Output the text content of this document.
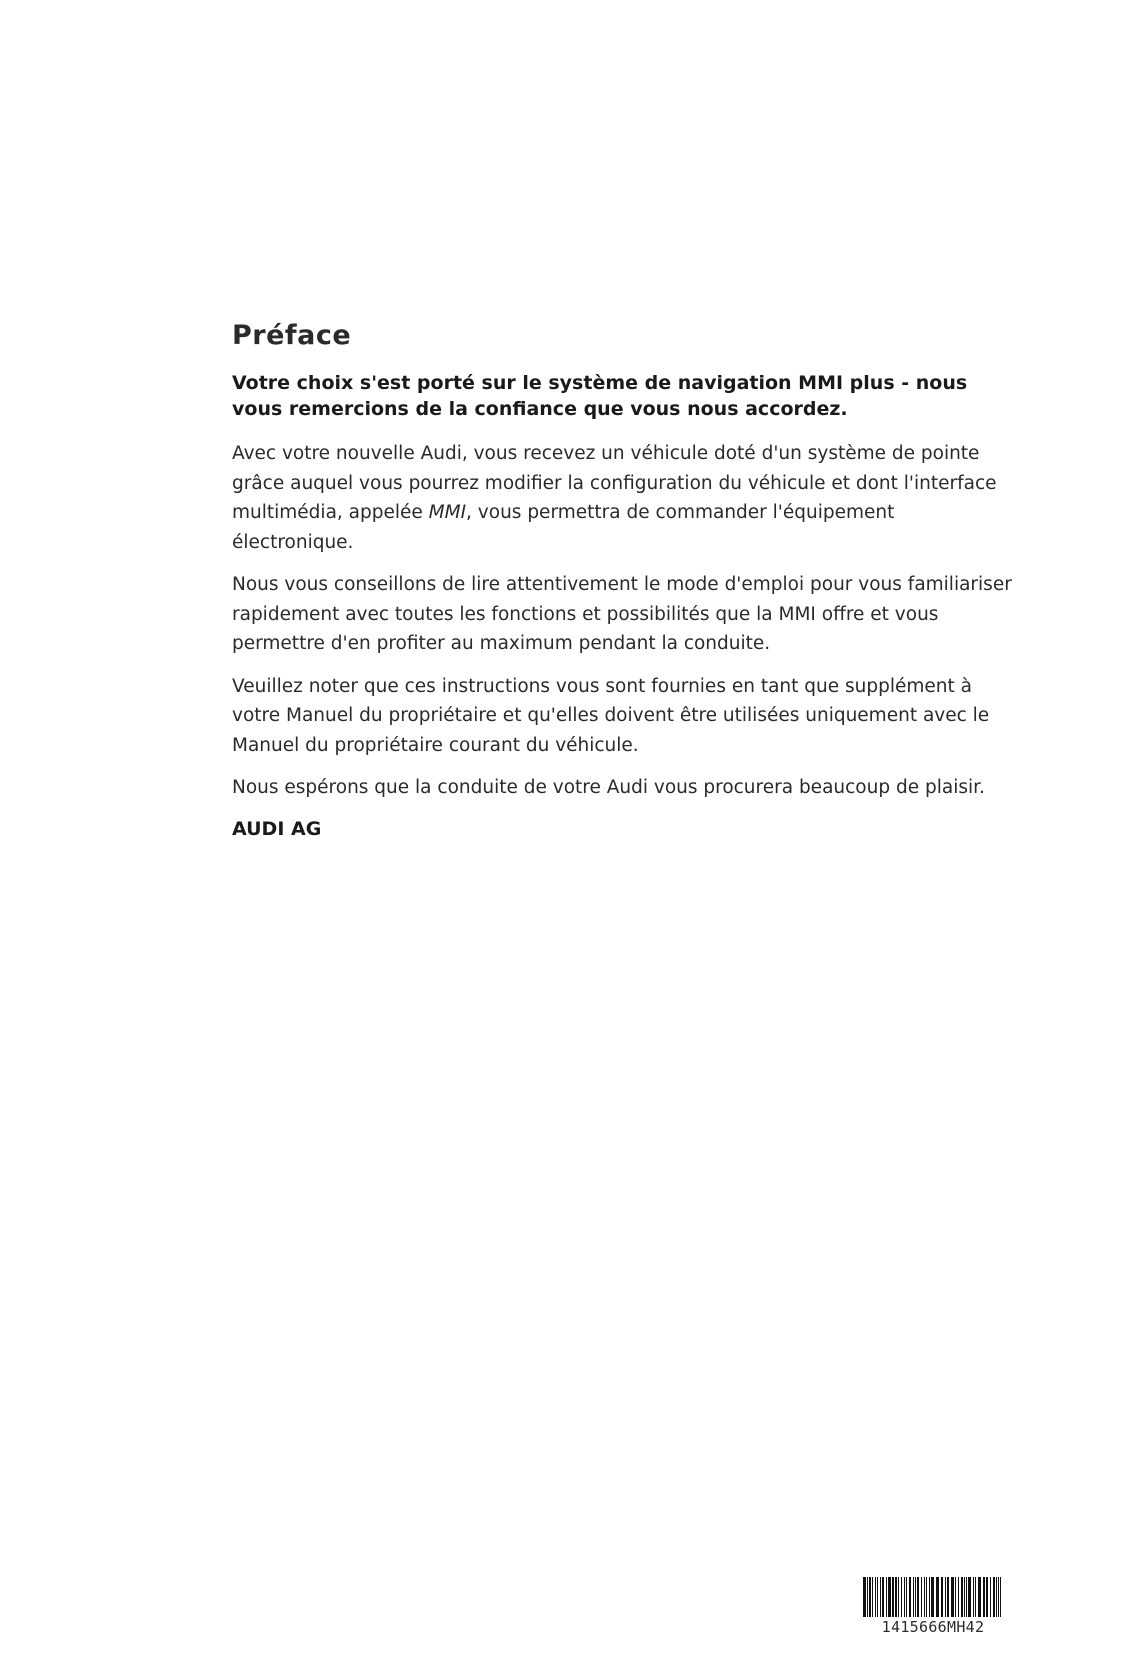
Préface

Votre choix s'est porté sur le système de navigation MMI plus - nous vous remercions de la confiance que vous nous accordez.

Avec votre nouvelle Audi, vous recevez un véhicule doté d'un système de pointe grâce auquel vous pourrez modifier la configuration du véhicule et dont l'interface multimédia, appelée MMI, vous permettra de commander l'équipement électronique.

Nous vous conseillons de lire attentivement le mode d'emploi pour vous familiariser rapidement avec toutes les fonctions et possibilités que la MMI offre et vous permettre d'en profiter au maximum pendant la conduite.

Veuillez noter que ces instructions vous sont fournies en tant que supplément à votre Manuel du propriétaire et qu'elles doivent être utilisées uniquement avec le Manuel du propriétaire courant du véhicule.

Nous espérons que la conduite de votre Audi vous procurera beaucoup de plaisir.

AUDI AG

1415666MH42
